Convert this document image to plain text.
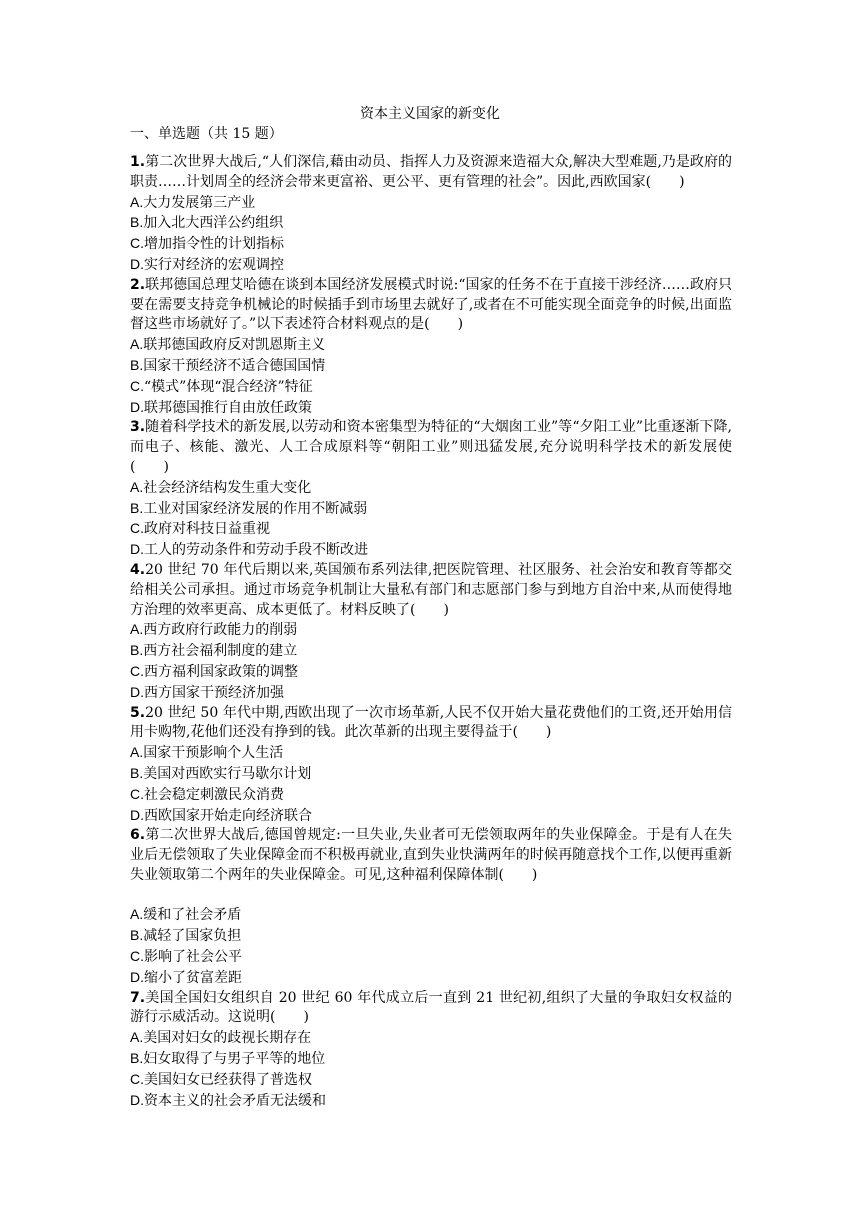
资本主义国家的新变化
一、单选题（共 15 题）

1.第二次世界大战后,“人们深信,藉由动员、指挥人力及资源来造福大众,解决大型难题,乃是政府的职责……计划周全的经济会带来更富裕、更公平、更有管理的社会”。因此,西欧国家(　　)

A.大力发展第三产业

B.加入北大西洋公约组织

C.增加指令性的计划指标

D.实行对经济的宏观调控

2.联邦德国总理艾哈德在谈到本国经济发展模式时说:“国家的任务不在于直接干涉经济……政府只要在需要支持竞争机械论的时候插手到市场里去就好了,或者在不可能实现全面竞争的时候,出面监督这些市场就好了。”以下表述符合材料观点的是(　　)

A.联邦德国政府反对凯恩斯主义

B.国家干预经济不适合德国国情

C.“模式”体现“混合经济”特征

D.联邦德国推行自由放任政策

3.随着科学技术的新发展,以劳动和资本密集型为特征的“大烟囱工业”等“夕阳工业”比重逐渐下降,而电子、核能、激光、人工合成原料等“朝阳工业”则迅猛发展,充分说明科学技术的新发展使(　　)

A.社会经济结构发生重大变化

B.工业对国家经济发展的作用不断减弱

C.政府对科技日益重视

D.工人的劳动条件和劳动手段不断改进

4.20 世纪 70 年代后期以来,英国颁布系列法律,把医院管理、社区服务、社会治安和教育等都交给相关公司承担。通过市场竞争机制让大量私有部门和志愿部门参与到地方自治中来,从而使得地方治理的效率更高、成本更低了。材料反映了(　　)

A.西方政府行政能力的削弱

B.西方社会福利制度的建立

C.西方福利国家政策的调整

D.西方国家干预经济加强

5.20 世纪 50 年代中期,西欧出现了一次市场革新,人民不仅开始大量花费他们的工资,还开始用信用卡购物,花他们还没有挣到的钱。此次革新的出现主要得益于(　　)

A.国家干预影响个人生活

B.美国对西欧实行马歇尔计划

C.社会稳定刺激民众消费

D.西欧国家开始走向经济联合

6.第二次世界大战后,德国曾规定:一旦失业,失业者可无偿领取两年的失业保障金。于是有人在失业后无偿领取了失业保障金而不积极再就业,直到失业快满两年的时候再随意找个工作,以便再重新失业领取第二个两年的失业保障金。可见,这种福利保障体制(　　)

A.缓和了社会矛盾

B.减轻了国家负担

C.影响了社会公平

D.缩小了贫富差距

7.美国全国妇女组织自 20 世纪 60 年代成立后一直到 21 世纪初,组织了大量的争取妇女权益的游行示威活动。这说明(　　)

A.美国对妇女的歧视长期存在

B.妇女取得了与男子平等的地位

C.美国妇女已经获得了普选权

D.资本主义的社会矛盾无法缓和
